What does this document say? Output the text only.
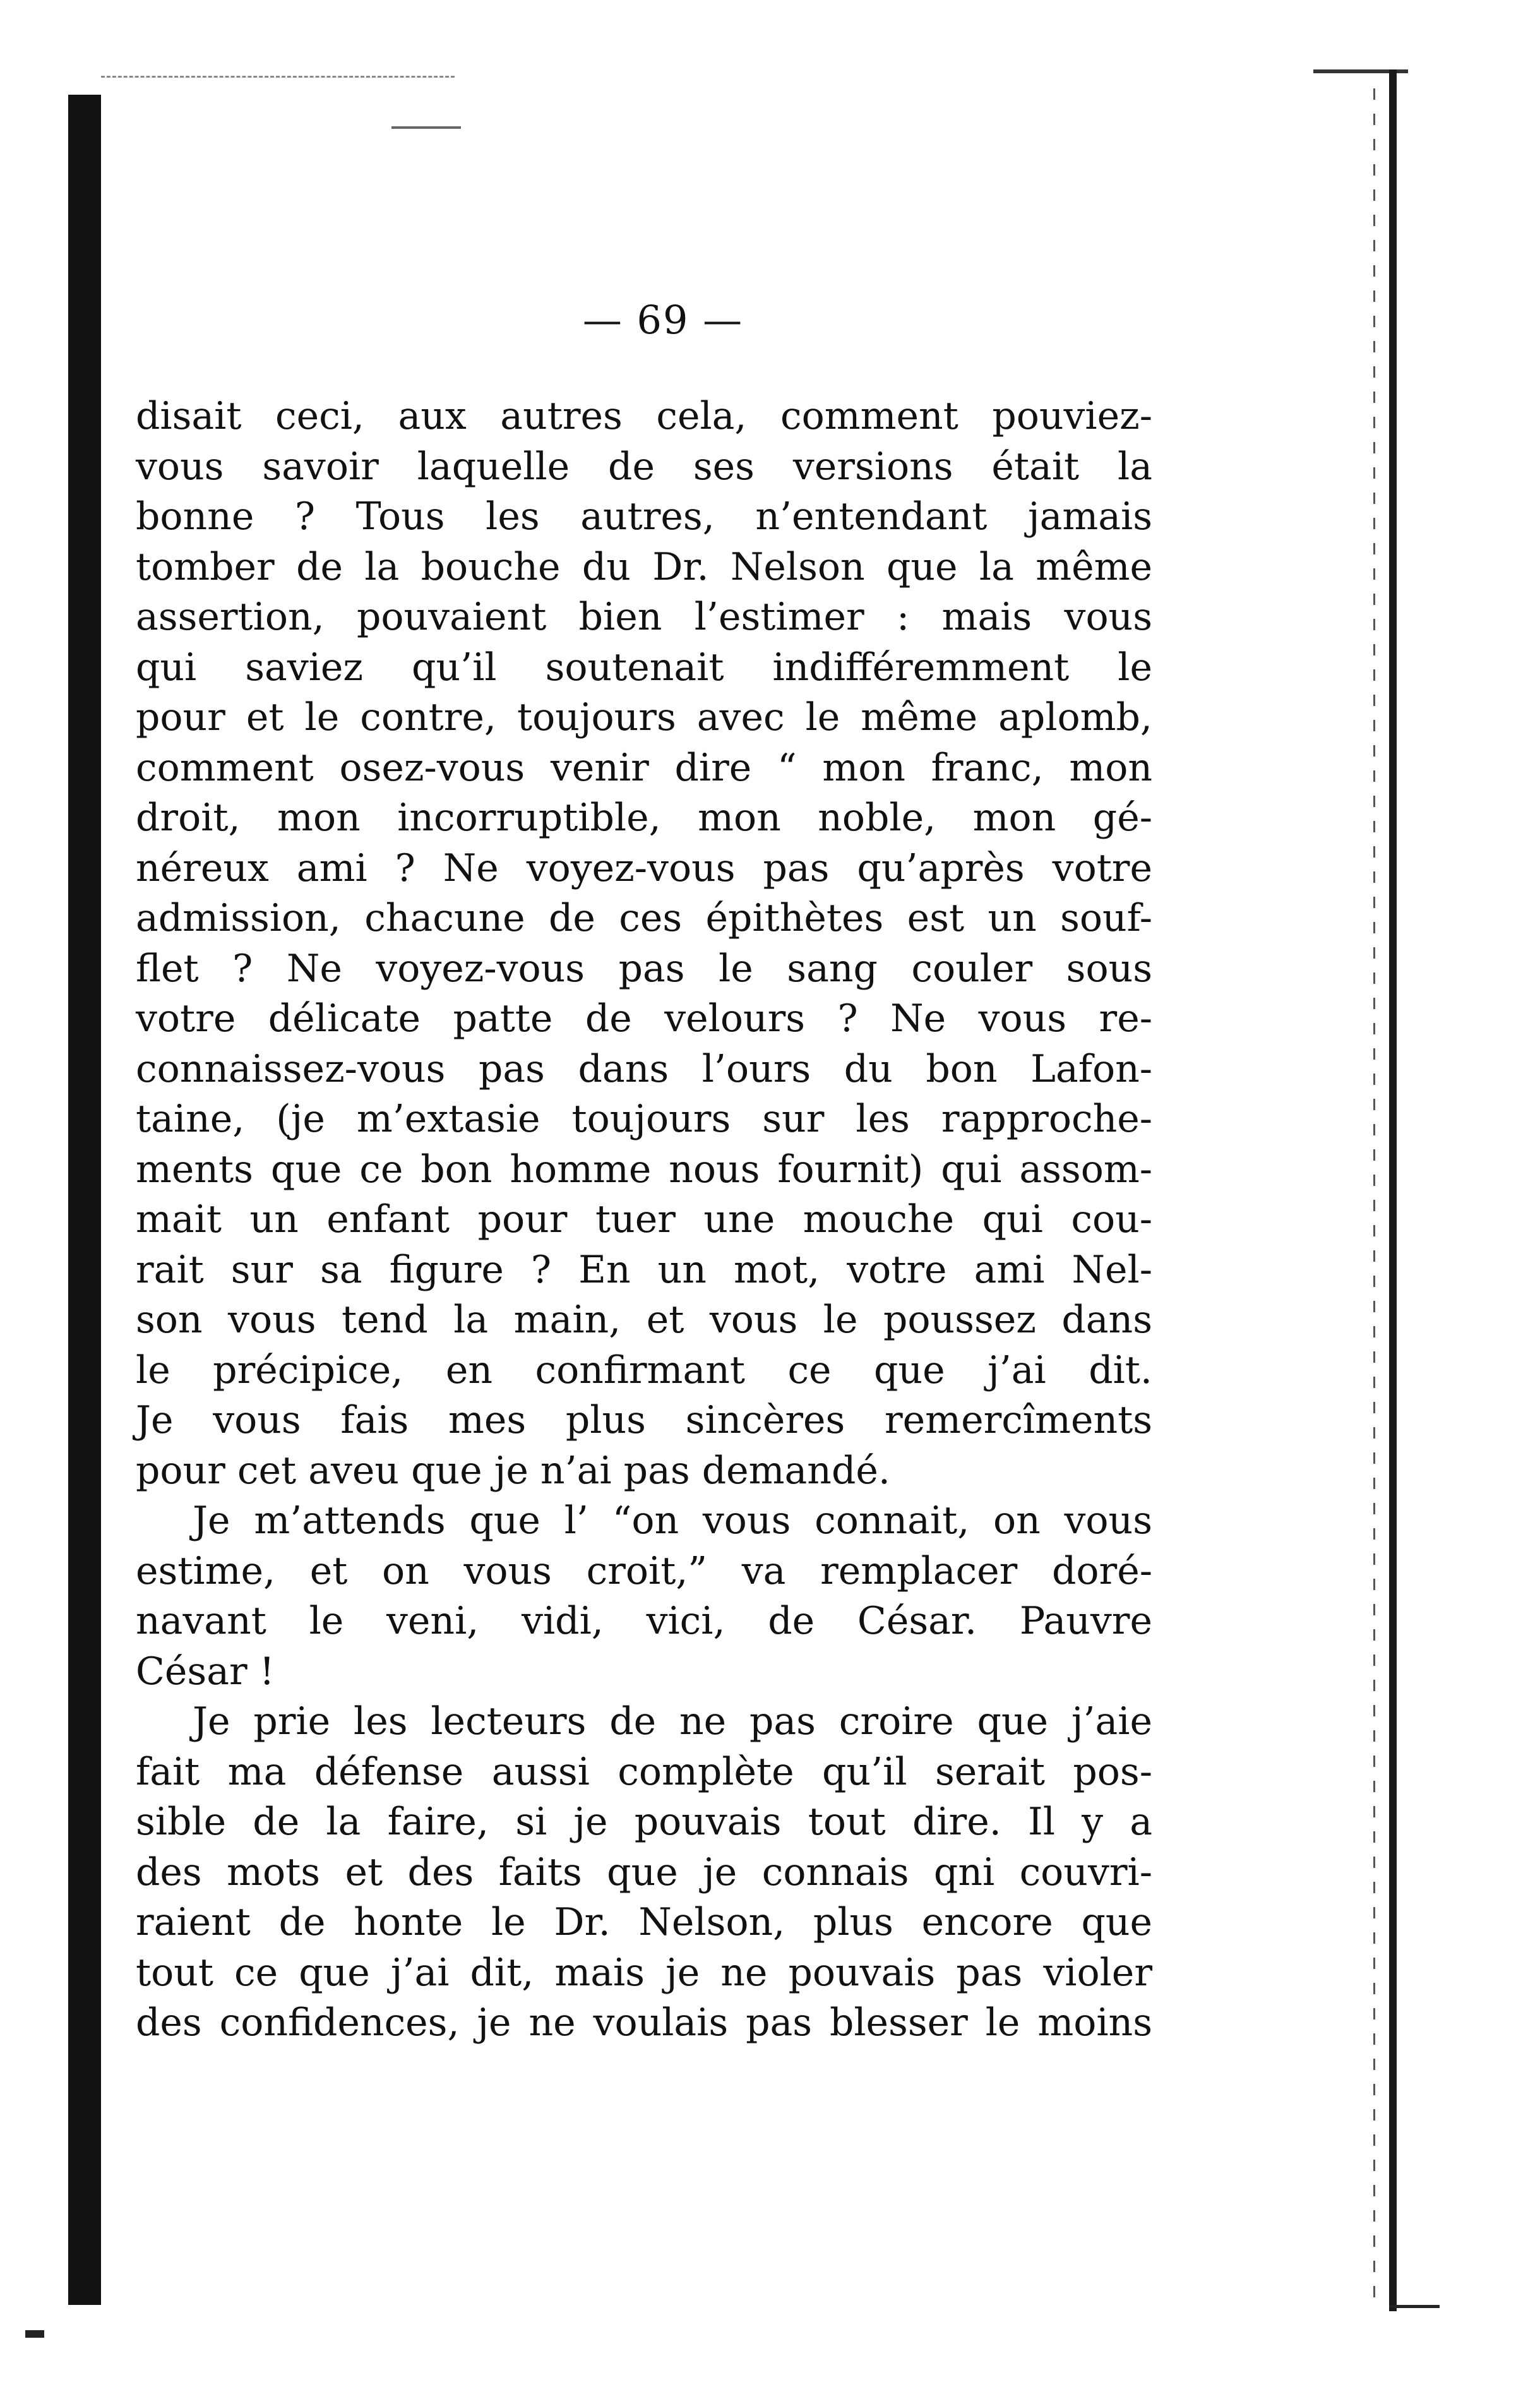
— 69 —
disait ceci, aux autres cela, comment pouviez-
vous savoir laquelle de ses versions était la
bonne ? Tous les autres, n’entendant jamais
tomber de la bouche du Dr. Nelson que la même
assertion, pouvaient bien l’estimer : mais vous
qui saviez qu’il soutenait indifféremment le
pour et le contre, toujours avec le même aplomb,
comment osez-vous venir dire “ mon franc, mon
droit, mon incorruptible, mon noble, mon gé-
néreux ami ? Ne voyez-vous pas qu’après votre
admission, chacune de ces épithètes est un souf-
flet ? Ne voyez-vous pas le sang couler sous
votre délicate patte de velours ? Ne vous re-
connaissez-vous pas dans l’ours du bon Lafon-
taine, (je m’extasie toujours sur les rapproche-
ments que ce bon homme nous fournit) qui assom-
mait un enfant pour tuer une mouche qui cou-
rait sur sa figure ? En un mot, votre ami Nel-
son vous tend la main, et vous le poussez dans
le précipice, en confirmant ce que j’ai dit.
Je vous fais mes plus sincères remercîments
pour cet aveu que je n’ai pas demandé.
Je m’attends que l’ “on vous connait, on vous
estime, et on vous croit,” va remplacer doré-
navant le veni, vidi, vici, de César. Pauvre
César !
Je prie les lecteurs de ne pas croire que j’aie
fait ma défense aussi complète qu’il serait pos-
sible de la faire, si je pouvais tout dire. Il y a
des mots et des faits que je connais qni couvri-
raient de honte le Dr. Nelson, plus encore que
tout ce que j’ai dit, mais je ne pouvais pas violer
des confidences, je ne voulais pas blesser le moins
